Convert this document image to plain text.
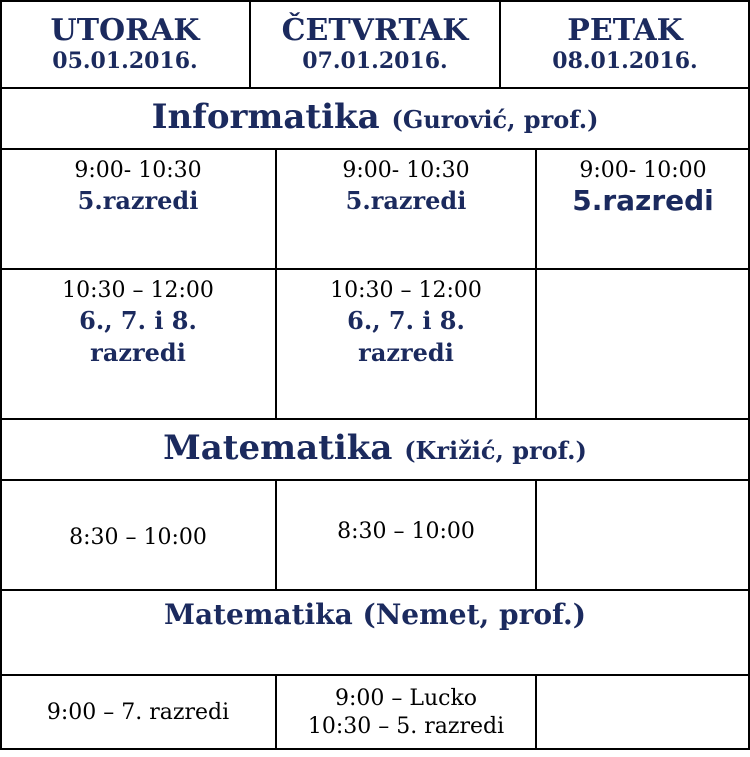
UTORAK
05.01.2016.
ČETVRTAK
07.01.2016.
PETAK
08.01.2016.
Informatika (Gurović, prof.)
9:00- 10:30
5.razredi
9:00- 10:30
5.razredi
9:00- 10:00
5.razredi
10:30 – 12:00
6., 7. i 8.
razredi
10:30 – 12:00
6., 7. i 8.
razredi
Matematika (Križić, prof.)
8:30 – 10:00	8:30 – 10:00
Matematika (Nemet, prof.)
9:00 – 7. razredi
9:00 – Lucko
10:30 – 5. razredi
